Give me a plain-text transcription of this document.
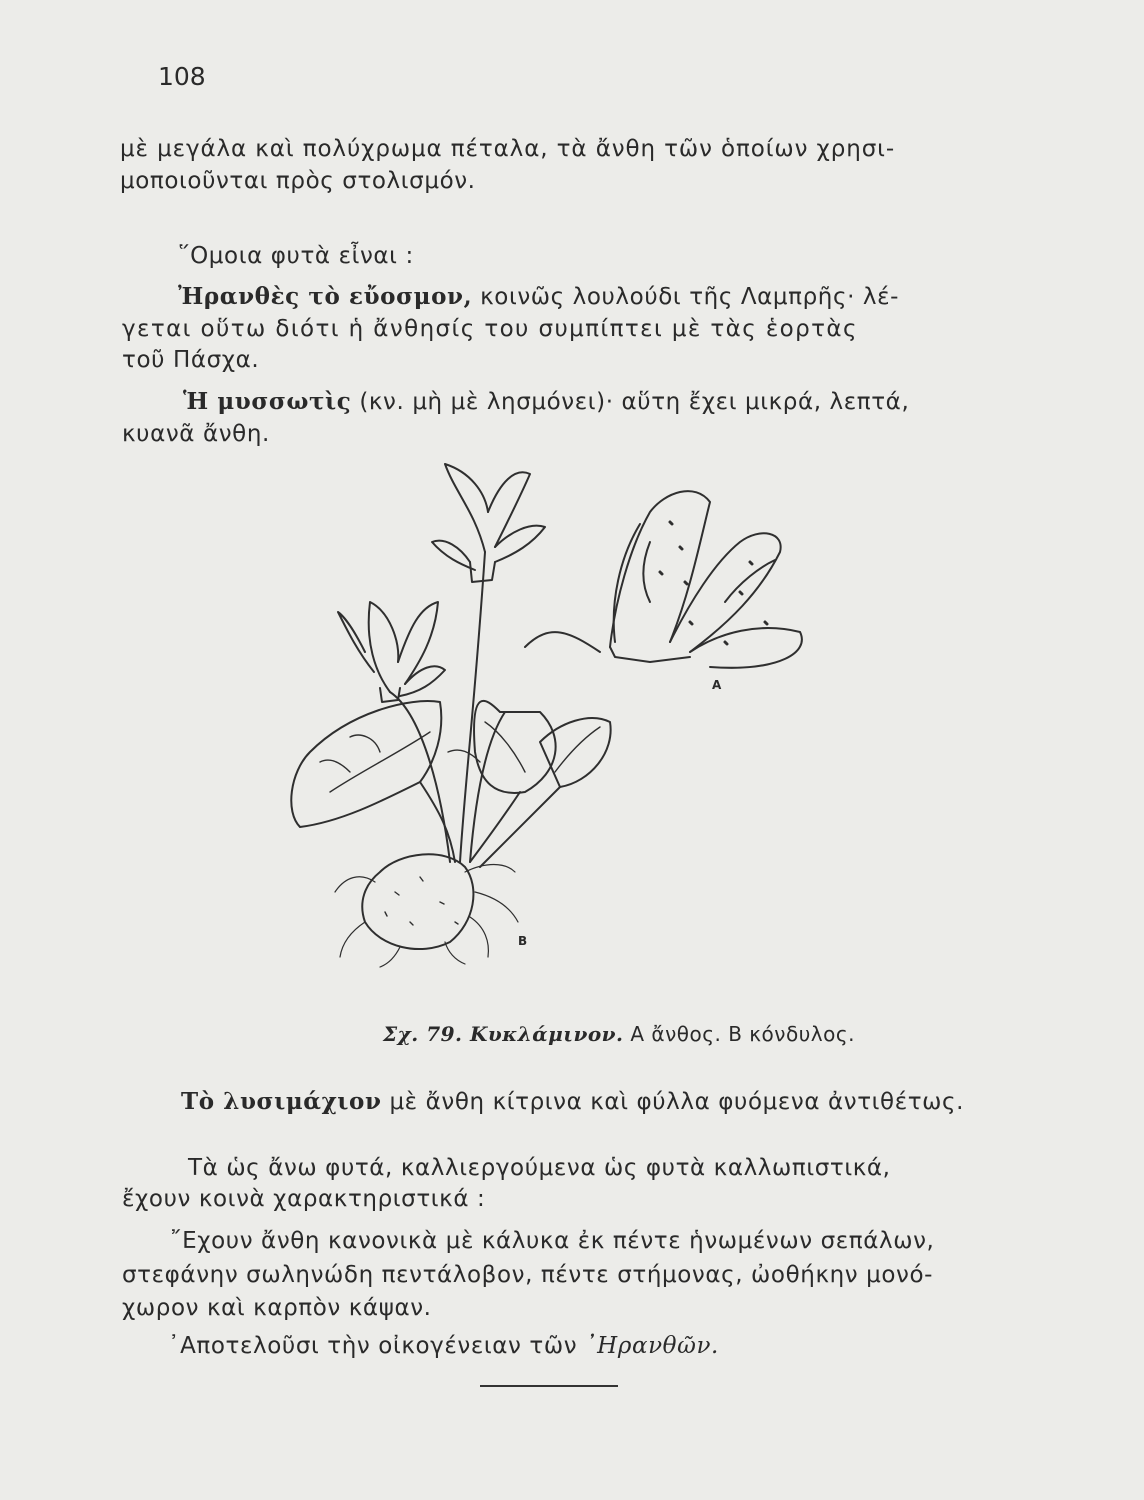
108
μὲ μεγάλα καὶ πολύχρωμα πέταλα, τὰ ἄνθη τῶν ὁποίων χρησι-
μοποιοῦνται πρὸς στολισμόν.
῞Ομοια φυτὰ εἶναι :
Ἠρανθὲς τὸ εὔοσμον, κοινῶς λουλούδι τῆς Λαμπρῆς· λέ-
γεται οὕτω διότι ἡ ἄνθησίς του συμπίπτει μὲ τὰς ἑορτὰς
τοῦ Πάσχα.
Ἡ μυσσωτὶς (κν. μὴ μὲ λησμόνει)· αὕτη ἔχει μικρά, λεπτά,
κυανᾶ ἄνθη.
A
B
Σχ. 79. Κυκλάμινον. Α ἄνθος. Β κόνδυλος.
Τὸ λυσιμάχιον μὲ ἄνθη κίτρινα καὶ φύλλα φυόμενα ἀντιθέτως.
Τὰ ὡς ἄνω φυτά, καλλιεργούμενα ὡς φυτὰ καλλωπιστικά,
ἔχουν κοινὰ χαρακτηριστικά :
῎Εχουν ἄνθη κανονικὰ μὲ κάλυκα ἐκ πέντε ἡνωμένων σεπάλων,
στεφάνην σωληνώδη πεντάλοβον, πέντε στήμονας, ὠοθήκην μονό-
χωρον καὶ καρπὸν κάψαν.
᾿Αποτελοῦσι τὴν οἰκογένειαν τῶν ᾿Ηρανθῶν.
